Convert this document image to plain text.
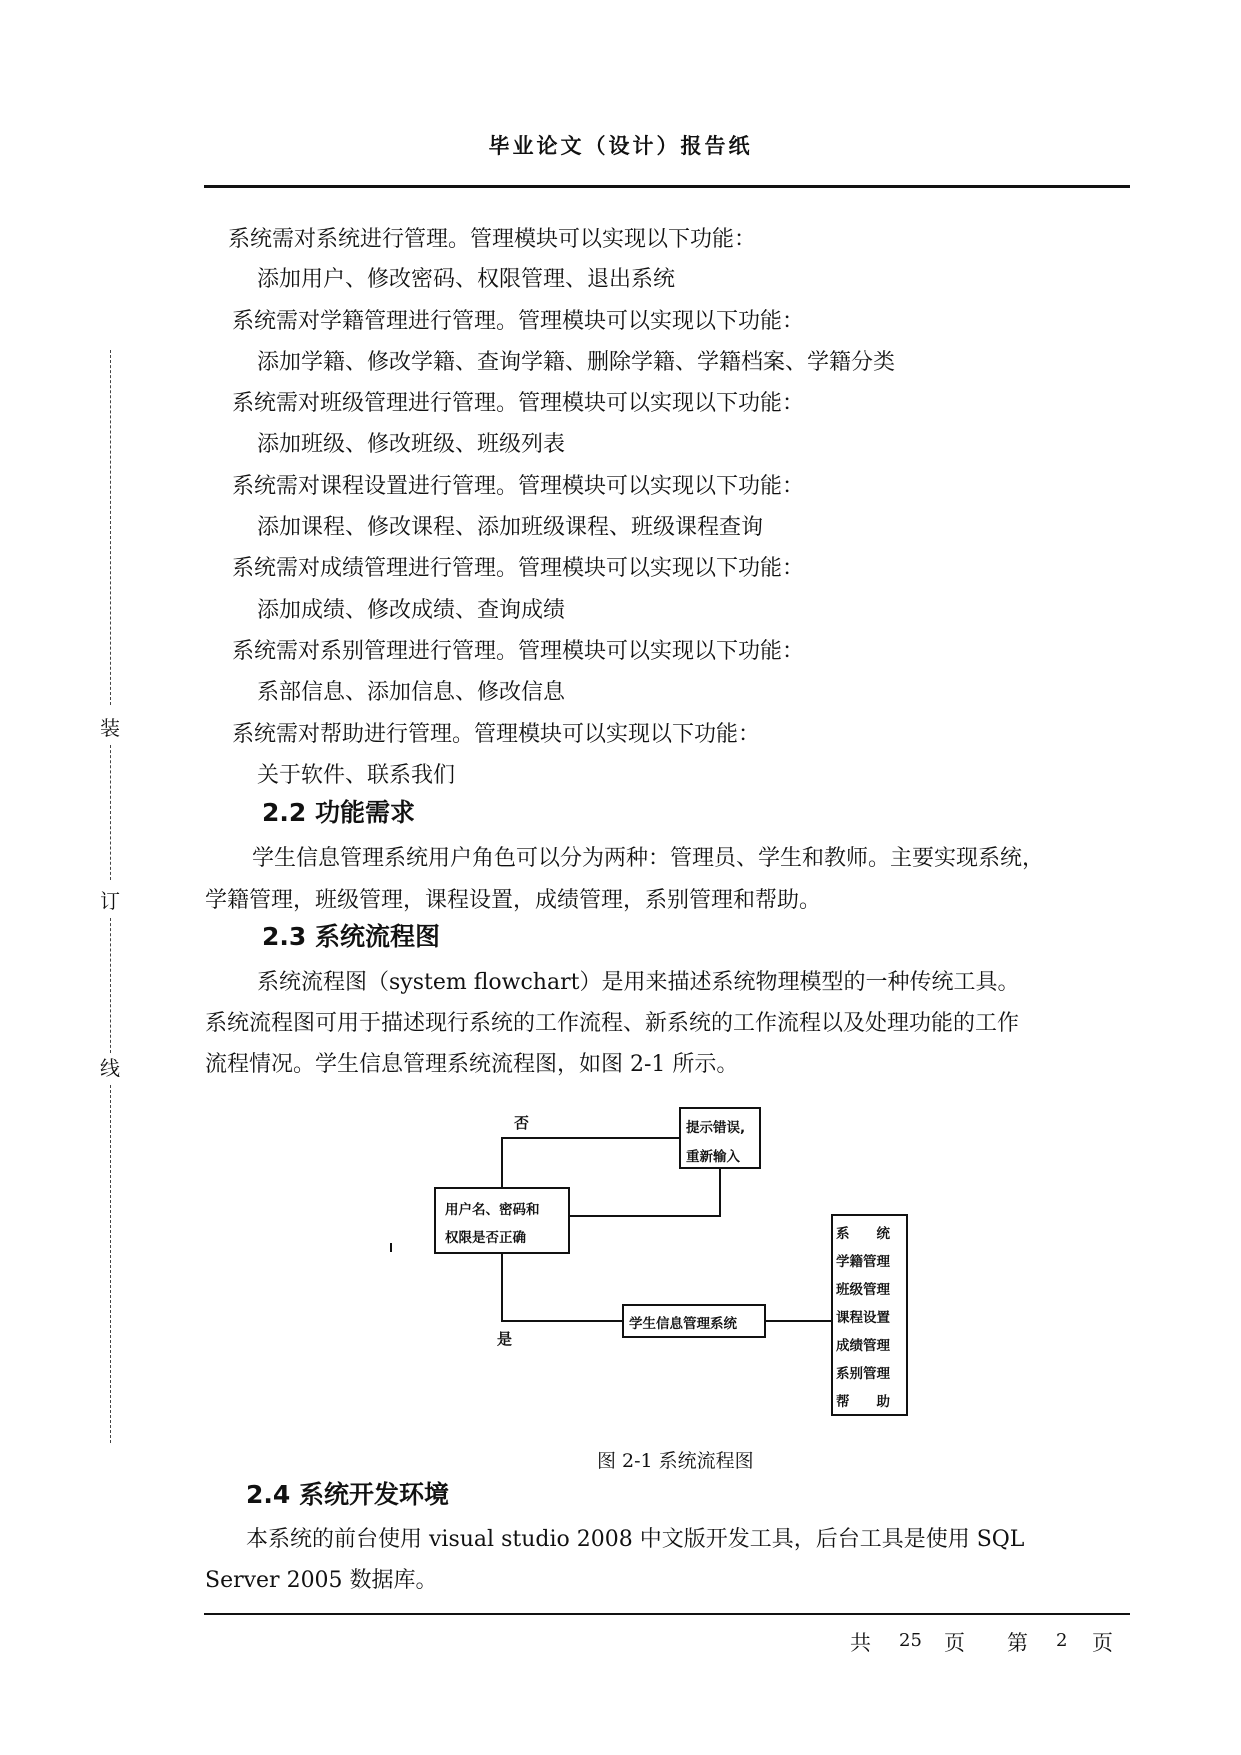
毕业论文（设计）报告纸
装
订
线
系统需对系统进行管理。管理模块可以实现以下功能：
添加用户、修改密码、权限管理、退出系统
系统需对学籍管理进行管理。管理模块可以实现以下功能：
添加学籍、修改学籍、查询学籍、删除学籍、学籍档案、学籍分类
系统需对班级管理进行管理。管理模块可以实现以下功能：
添加班级、修改班级、班级列表
系统需对课程设置进行管理。管理模块可以实现以下功能：
添加课程、修改课程、添加班级课程、班级课程查询
系统需对成绩管理进行管理。管理模块可以实现以下功能：
添加成绩、修改成绩、查询成绩
系统需对系别管理进行管理。管理模块可以实现以下功能：
系部信息、添加信息、修改信息
系统需对帮助进行管理。管理模块可以实现以下功能：
关于软件、联系我们
2.2 功能需求
学生信息管理系统用户角色可以分为两种：管理员、学生和教师。主要实现系统，
学籍管理，班级管理，课程设置，成绩管理，系别管理和帮助。
2.3 系统流程图
系统流程图（system flowchart）是用来描述系统物理模型的一种传统工具。
系统流程图可用于描述现行系统的工作流程、新系统的工作流程以及处理功能的工作
流程情况。学生信息管理系统流程图，如图 2-1 所示。
否
是
提示错误,
重新输入
用户名、密码和
权限是否正确
学生信息管理系统
系　　统
学籍管理
班级管理
课程设置
成绩管理
系别管理
帮　　助
图 2-1 系统流程图
2.4 系统开发环境
本系统的前台使用 visual studio 2008 中文版开发工具，后台工具是使用 SQL
Server 2005 数据库。
共 25 页 第 2 页
